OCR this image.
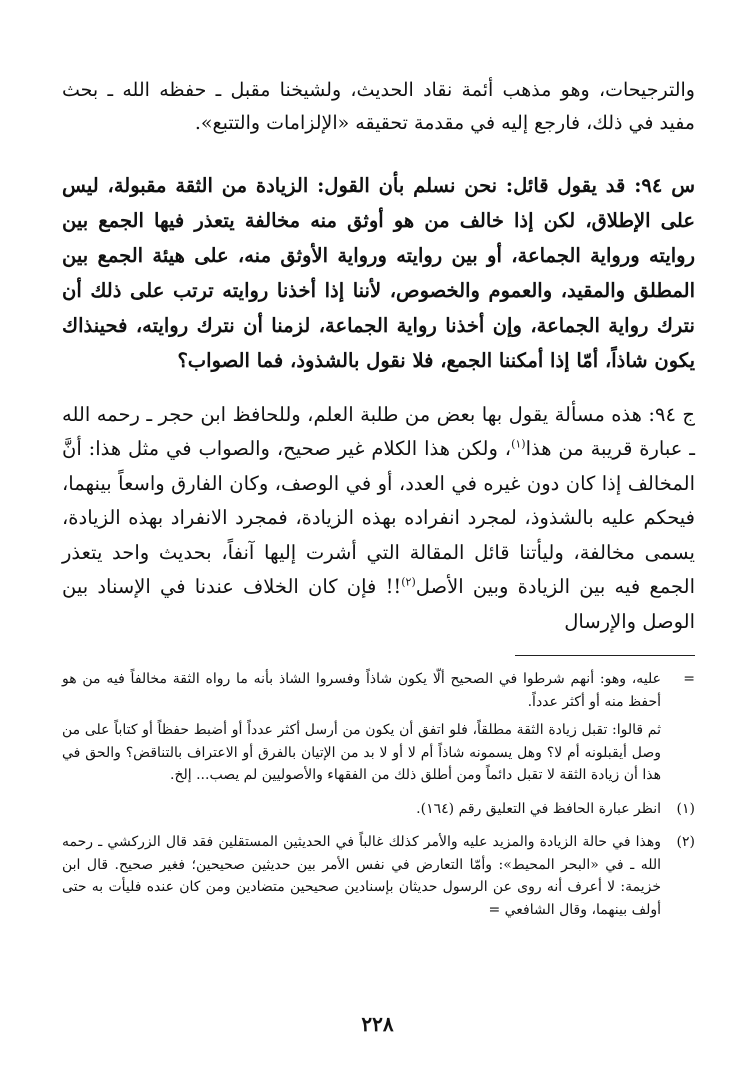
والترجيحات، وهو مذهب أئمة نقاد الحديث، ولشيخنا مقبل ـ حفظه الله ـ بحث مفيد في ذلك، فارجع إليه في مقدمة تحقيقه «الإلزامات والتتبع».

س ٩٤: قد يقول قائل: نحن نسلم بأن القول: الزيادة من الثقة مقبولة، ليس على الإطلاق، لكن إذا خالف من هو أوثق منه مخالفة يتعذر فيها الجمع بين روايته ورواية الجماعة، أو بين روايته ورواية الأوثق منه، على هيئة الجمع بين المطلق والمقيد، والعموم والخصوص، لأننا إذا أخذنا روايته ترتب على ذلك أن نترك رواية الجماعة، وإن أخذنا رواية الجماعة، لزمنا أن نترك روايته، فحينذاك يكون شاذاً، أمّا إذا أمكننا الجمع، فلا نقول بالشذوذ، فما الصواب؟

ج ٩٤: هذه مسألة يقول بها بعض من طلبة العلم، وللحافظ ابن حجر ـ رحمه الله ـ عبارة قريبة من هذا$^{(١)}$، ولكن هذا الكلام غير صحيح، والصواب في مثل هذا: أنَّ المخالف إذا كان دون غيره في العدد، أو في الوصف، وكان الفارق واسعاً بينهما، فيحكم عليه بالشذوذ، لمجرد انفراده بهذه الزيادة، فمجرد الانفراد بهذه الزيادة، يسمى مخالفة، وليأتنا قائل المقالة التي أشرت إليها آنفاً، بحديث واحد يتعذر الجمع فيه بين الزيادة وبين الأصل$^{(٢)}$!! فإن كان الخلاف عندنا في الإسناد بين الوصل والإرسال

=

عليه، وهو: أنهم شرطوا في الصحيح ألّا يكون شاذاً وفسروا الشاذ بأنه ما رواه الثقة مخالفاً فيه من هو أحفظ منه أو أكثر عدداً.

ثم قالوا: تقبل زيادة الثقة مطلقاً، فلو اتفق أن يكون من أرسل أكثر عدداً أو أضبط حفظاً أو كتاباً على من وصل أيقبلونه أم لا؟ وهل يسمونه شاذاً أم لا أو لا بد من الإتيان بالفرق أو الاعتراف بالتناقض؟ والحق في هذا أن زيادة الثقة لا تقبل دائماً ومن أطلق ذلك من الفقهاء والأصوليين لم يصب... إلخ.

(١)

انظر عبارة الحافظ في التعليق رقم (١٦٤).

(٢)

وهذا في حالة الزيادة والمزيد عليه والأمر كذلك غالباً في الحديثين المستقلين فقد قال الزركشي ـ رحمه الله ـ في «البحر المحيط»: وأمّا التعارض في نفس الأمر بين حديثين صحيحين؛ فغير صحيح. قال ابن خزيمة: لا أعرف أنه روى عن الرسول حديثان بإسنادين صحيحين متضادين ومن كان عنده فليأت به حتى أولف بينهما، وقال الشافعي =

٢٢٨
